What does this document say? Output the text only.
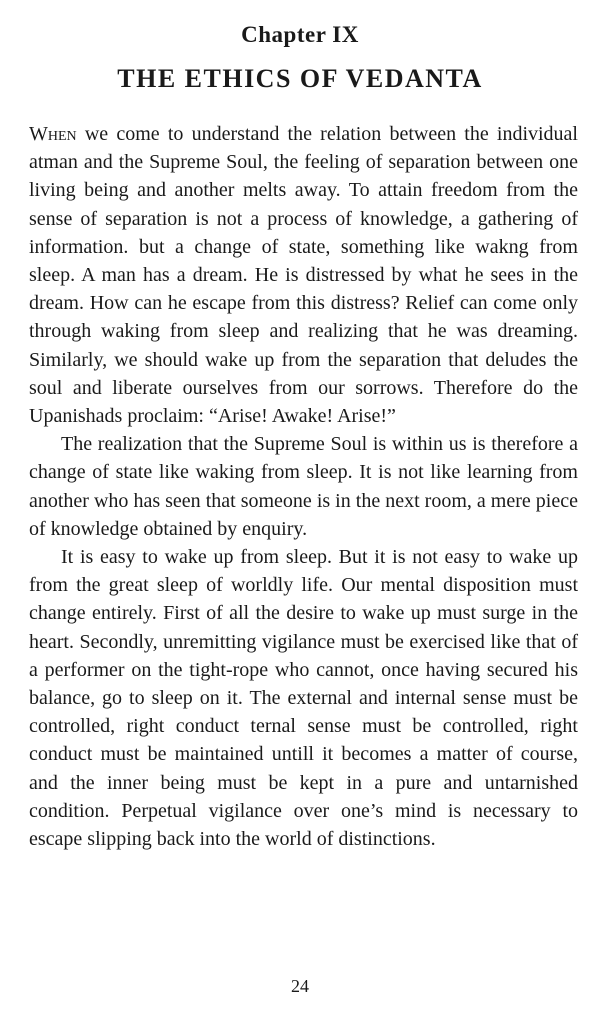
Chapter IX
THE ETHICS OF VEDANTA

When we come to understand the relation between the individual atman and the Supreme Soul, the feeling of separation between one living being and another melts away. To attain freedom from the sense of separation is not a process of knowledge, a gathering of information. but a change of state, something like wakng from sleep. A man has a dream. He is distressed by what he sees in the dream. How can he escape from this distress? Relief can come only through waking from sleep and realizing that he was dreaming. Similarly, we should wake up from the separation that deludes the soul and liberate ourselves from our sorrows. Therefore do the Upanishads proclaim: “Arise! Awake! Arise!”

The realization that the Supreme Soul is within us is therefore a change of state like waking from sleep. It is not like learning from another who has seen that someone is in the next room, a mere piece of knowledge obtained by enquiry.

It is easy to wake up from sleep. But it is not easy to wake up from the great sleep of worldly life. Our mental disposition must change entirely. First of all the desire to wake up must surge in the heart. Secondly, unremitting vigilance must be exercised like that of a performer on the tight-rope who cannot, once having secured his balance, go to sleep on it. The external and internal sense must be controlled, right conduct ternal sense must be controlled, right conduct must be maintained untill it becomes a matter of course, and the inner being must be kept in a pure and untarnished condition. Perpetual vigilance over one’s mind is necessary to escape slipping back into the world of distinctions.

24
